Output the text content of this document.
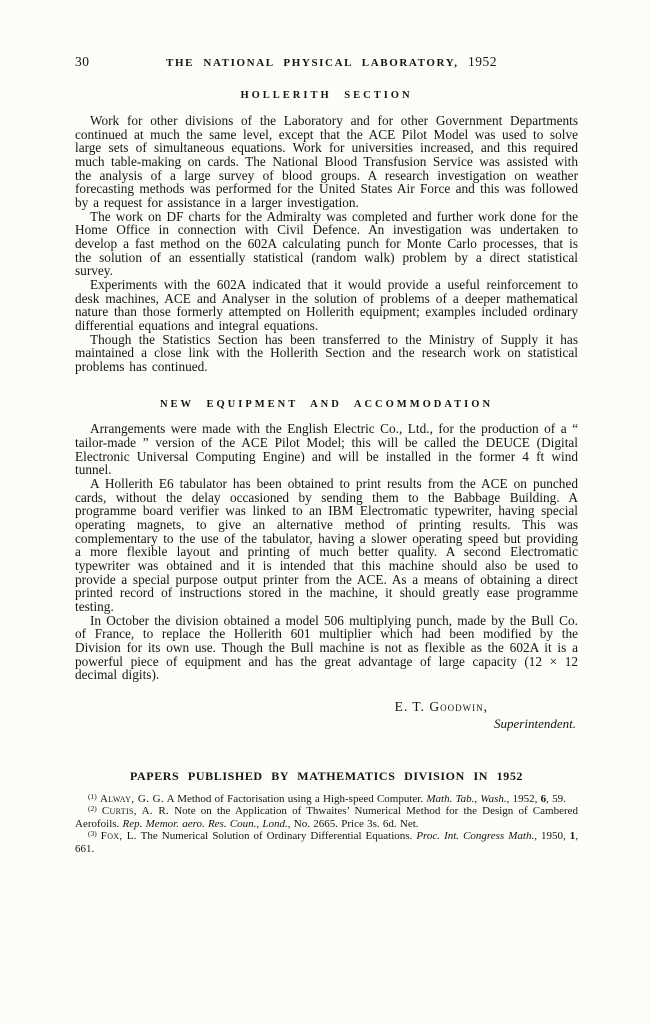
30	THE NATIONAL PHYSICAL LABORATORY, 1952
HOLLERITH SECTION

Work for other divisions of the Laboratory and for other Government Departments continued at much the same level, except that the ACE Pilot Model was used to solve large sets of simultaneous equations. Work for universities increased, and this required much table-making on cards. The National Blood Transfusion Service was assisted with the analysis of a large survey of blood groups. A research investigation on weather forecasting methods was performed for the United States Air Force and this was followed by a request for assistance in a larger investigation.

The work on DF charts for the Admiralty was completed and further work done for the Home Office in connection with Civil Defence. An investigation was undertaken to develop a fast method on the 602A calculating punch for Monte Carlo processes, that is the solution of an essentially statistical (random walk) problem by a direct statistical survey.

Experiments with the 602A indicated that it would provide a useful reinforcement to desk machines, ACE and Analyser in the solution of problems of a deeper mathematical nature than those formerly attempted on Hollerith equipment; examples included ordinary differential equations and integral equations.

Though the Statistics Section has been transferred to the Ministry of Supply it has maintained a close link with the Hollerith Section and the research work on statistical problems has continued.

NEW EQUIPMENT AND ACCOMMODATION

Arrangements were made with the English Electric Co., Ltd., for the production of a “ tailor-made ” version of the ACE Pilot Model; this will be called the DEUCE (Digital Electronic Universal Computing Engine) and will be installed in the former 4 ft wind tunnel.

A Hollerith E6 tabulator has been obtained to print results from the ACE on punched cards, without the delay occasioned by sending them to the Babbage Building. A programme board verifier was linked to an IBM Electromatic typewriter, having special operating magnets, to give an alternative method of printing results. This was complementary to the use of the tabulator, having a slower operating speed but providing a more flexible layout and printing of much better quality. A second Electromatic typewriter was obtained and it is intended that this machine should also be used to provide a special purpose output printer from the ACE. As a means of obtaining a direct printed record of instructions stored in the machine, it should greatly ease programme testing.

In October the division obtained a model 506 multiplying punch, made by the Bull Co. of France, to replace the Hollerith 601 multiplier which had been modified by the Division for its own use. Though the Bull machine is not as flexible as the 602A it is a powerful piece of equipment and has the great advantage of large capacity (12 × 12 decimal digits).

E. T. Goodwin,
Superintendent.
PAPERS PUBLISHED BY MATHEMATICS DIVISION IN 1952

$^{(1)}$ Alway, G. G. A Method of Factorisation using a High-speed Computer. Math. Tab., Wash., 1952, 6, 59.

$^{(2)}$ Curtis, A. R. Note on the Application of Thwaites’ Numerical Method for the Design of Cambered Aerofoils. Rep. Memor. aero. Res. Coun., Lond., No. 2665. Price 3s. 6d. Net.

$^{(3)}$ Fox, L. The Numerical Solution of Ordinary Differential Equations. Proc. Int. Congress Math., 1950, 1, 661.
